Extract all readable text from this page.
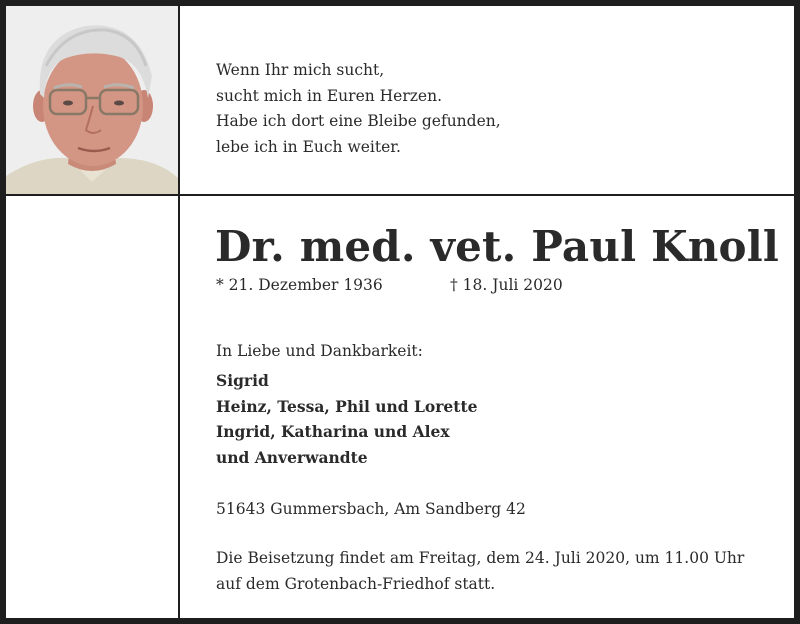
Wenn Ihr mich sucht,
sucht mich in Euren Herzen.
Habe ich dort eine Bleibe gefunden,
lebe ich in Euch weiter.
Dr. med. vet. Paul Knoll
* 21. Dezember 1936	† 18. Juli 2020
In Liebe und Dankbarkeit:
Sigrid
Heinz, Tessa, Phil und Lorette
Ingrid, Katharina und Alex
und Anverwandte
51643 Gummersbach, Am Sandberg 42
Die Beisetzung findet am Freitag, dem 24. Juli 2020, um 11.00 Uhr
auf dem Grotenbach-Friedhof statt.
